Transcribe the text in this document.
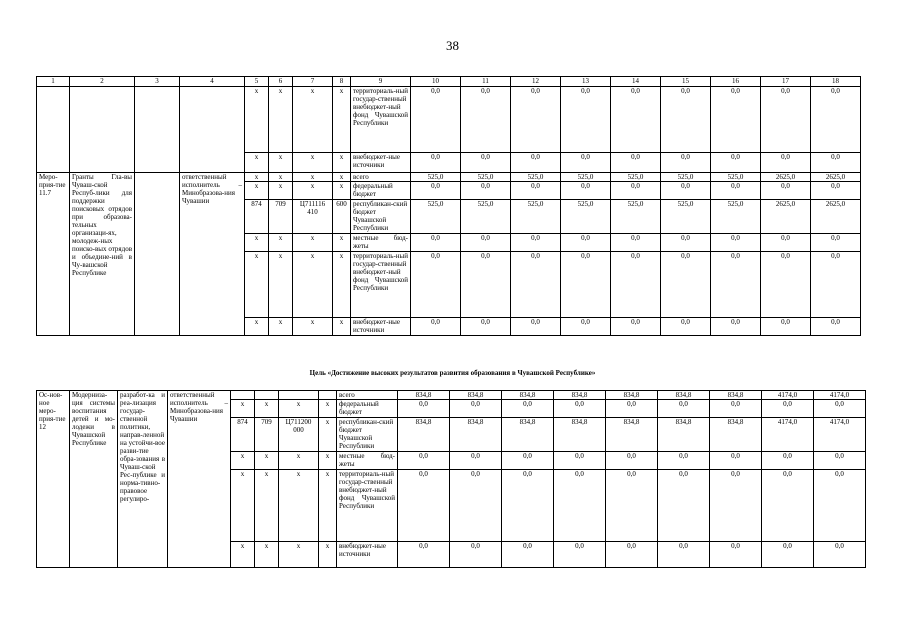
38
1	2	3	4	5	6	7	8	9	10	11	12	13	14	15	16	17	18
				x	x	x	x	территориаль-ный государ-ственный внебюджет-ный фонд Чувашской Республики	0,0	0,0	0,0	0,0	0,0	0,0	0,0	0,0	0,0
				x	x	x	x	внебюджет-ные источники	0,0	0,0	0,0	0,0	0,0	0,0	0,0	0,0	0,0
Меро-прия-тие 11.7	Гранты Гла-вы Чуваш-ской Респуб-лики для поддержки поисковых отрядов при образова-тельных организаци-ях, молодеж-ных поиско-вых отрядов и объедине-ний в Чу-вашской Республике		ответственный исполнитель – Минобразова-ния Чувашии	x	x	x	x	всего	525,0	525,0	525,0	525,0	525,0	525,0	525,0	2625,0	2625,0
				x	x	x	x	федеральный бюджет	0,0	0,0	0,0	0,0	0,0	0,0	0,0	0,0	0,0
				874	709	Ц711116 410	600	республикан-ский бюджет Чувашской Республики	525,0	525,0	525,0	525,0	525,0	525,0	525,0	2625,0	2625,0
				x	x	x	x	местные бюд-жеты	0,0	0,0	0,0	0,0	0,0	0,0	0,0	0,0	0,0
				x	x	x	x	территориаль-ный государ-ственный внебюджет-ный фонд Чувашской Республики	0,0	0,0	0,0	0,0	0,0	0,0	0,0	0,0	0,0
				x	x	x	x	внебюджет-ные источники	0,0	0,0	0,0	0,0	0,0	0,0	0,0	0,0	0,0
Цель «Достижение высоких результатов развития образования в Чувашской Республике»
Ос-нов-ное меро-прия-тие 12	Модерниза-ция системы воспитания детей и мо-лодежи в Чувашской Республике	разработ-ка и реа-лизация государ-ственной политики, направ-ленной на устойчи-вое разви-тие обра-зования в Чуваш-ской Рес-публике и норма-тивно-правовое регулиро-	ответственный исполнитель – Минобразова-ния Чувашии					всего	834,8	834,8	834,8	834,8	834,8	834,8	834,8	4174,0	4174,0
				x	x	x	x	федеральный бюджет	0,0	0,0	0,0	0,0	0,0	0,0	0,0	0,0	0,0
				874	709	Ц711200 000	x	республикан-ский бюджет Чувашской Республики	834,8	834,8	834,8	834,8	834,8	834,8	834,8	4174,0	4174,0
				x	x	x	x	местные бюд-жеты	0,0	0,0	0,0	0,0	0,0	0,0	0,0	0,0	0,0
				x	x	x	x	территориаль-ный государ-ственный внебюджет-ный фонд Чувашской Республики	0,0	0,0	0,0	0,0	0,0	0,0	0,0	0,0	0,0
				x	x	x	x	внебюджет-ные источники	0,0	0,0	0,0	0,0	0,0	0,0	0,0	0,0	0,0
